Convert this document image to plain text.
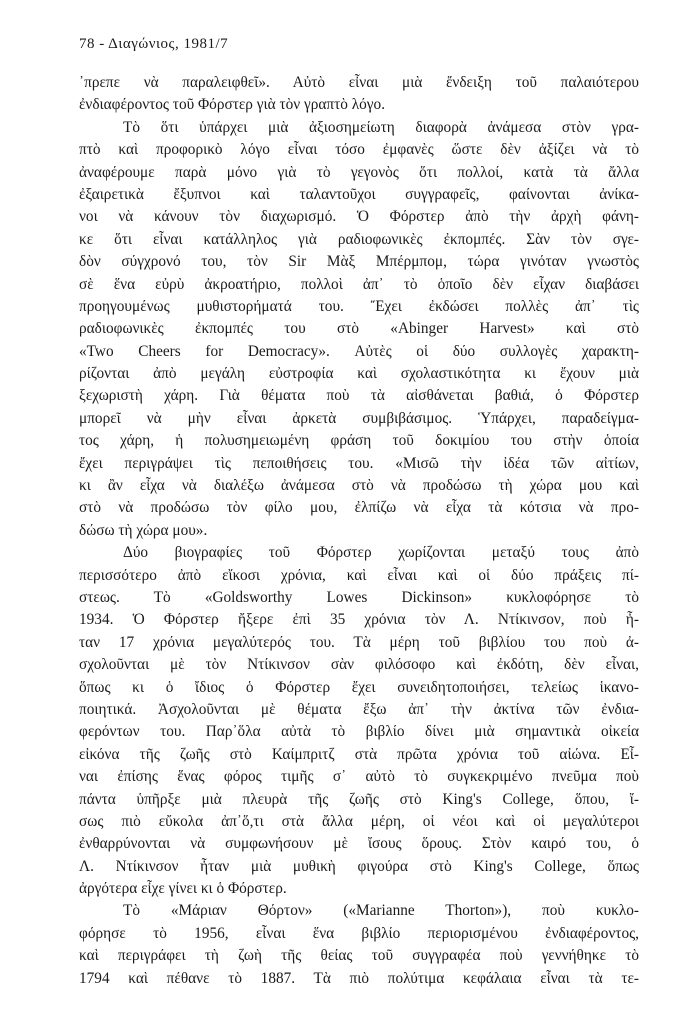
78 - Διαγώνιος, 1981/7
᾿πρεπε νὰ παραλειφθεῖ». Αὐτὸ εἶναι μιὰ ἔνδειξη τοῦ παλαιότερου
ἐνδιαφέροντος τοῦ Φόρστερ γιὰ τὸν γραπτὸ λόγο.
Τὸ ὅτι ὑπάρχει μιὰ ἀξιοσημείωτη διαφορὰ ἀνάμεσα στὸν γρα-
πτὸ καὶ προφορικὸ λόγο εἶναι τόσο ἐμφανὲς ὥστε δὲν ἀξίζει νὰ τὸ
ἀναφέρουμε παρὰ μόνο γιὰ τὸ γεγονὸς ὅτι πολλοί, κατὰ τὰ ἄλλα
ἐξαιρετικὰ ἔξυπνοι καὶ ταλαντοῦχοι συγγραφεῖς, φαίνονται ἀνίκα-
νοι νὰ κάνουν τὸν διαχωρισμό. Ὁ Φόρστερ ἀπὸ τὴν ἀρχὴ φάνη-
κε ὅτι εἶναι κατάλληλος γιὰ ραδιοφωνικὲς ἐκπομπές. Σὰν τὸν σγε-
δὸν σύγχρονό του, τὸν Sir Μὰξ Μπέρμπομ, τώρα γινόταν γνωστὸς
σὲ ἕνα εὐρὺ ἀκροατήριο, πολλοὶ ἀπ᾿ τὸ ὁποῖο δὲν εἶχαν διαβάσει
προηγουμένως μυθιστορήματά του. Ἔχει ἐκδώσει πολλὲς ἀπ᾿ τὶς
ραδιοφωνικὲς ἐκπομπές του στὸ «Abinger Harvest» καὶ στὸ
«Two Cheers for Democracy». Αὐτὲς οἱ δύο συλλογὲς χαρακτη-
ρίζονται ἀπὸ μεγάλη εὐστροφία καὶ σχολαστικότητα κι ἔχουν μιὰ
ξεχωριστὴ χάρη. Γιὰ θέματα ποὺ τὰ αἰσθάνεται βαθιά, ὁ Φόρστερ
μπορεῖ νὰ μὴν εἶναι ἀρκετὰ συμβιβάσιμος. Ὑπάρχει, παραδείγμα-
τος χάρη, ἡ πολυσημειωμένη φράση τοῦ δοκιμίου του στὴν ὁποία
ἔχει περιγράψει τὶς πεποιθήσεις του. «Μισῶ τὴν ἰδέα τῶν αἰτίων,
κι ἂν εἶχα νὰ διαλέξω ἀνάμεσα στὸ νὰ προδώσω τὴ χώρα μου καὶ
στὸ νὰ προδώσω τὸν φίλο μου, ἐλπίζω νὰ εἶχα τὰ κότσια νὰ προ-
δώσω τὴ χώρα μου».
Δύο βιογραφίες τοῦ Φόρστερ χωρίζονται μεταξύ τους ἀπὸ
περισσότερο ἀπὸ εἴκοσι χρόνια, καὶ εἶναι καὶ οἱ δύο πράξεις πί-
στεως. Τὸ «Goldsworthy Lowes Dickinson» κυκλοφόρησε τὸ
1934. Ὁ Φόρστερ ἤξερε ἐπὶ 35 χρόνια τὸν Λ. Ντίκινσον, ποὺ ἦ-
ταν 17 χρόνια μεγαλύτερός του. Τὰ μέρη τοῦ βιβλίου του ποὺ ἀ-
σχολοῦνται μὲ τὸν Ντίκινσον σὰν φιλόσοφο καὶ ἐκδότη, δὲν εἶναι,
ὅπως κι ὁ ἴδιος ὁ Φόρστερ ἔχει συνειδητοποιήσει, τελείως ἱκανο-
ποιητικά. Ἀσχολοῦνται μὲ θέματα ἔξω ἀπ᾿ τὴν ἀκτίνα τῶν ἐνδια-
φερόντων του. Παρ᾿ὅλα αὐτὰ τὸ βιβλίο δίνει μιὰ σημαντικὰ οἰκεία
εἰκόνα τῆς ζωῆς στὸ Καίμπριτζ στὰ πρῶτα χρόνια τοῦ αἰώνα. Εἶ-
ναι ἐπίσης ἕνας φόρος τιμῆς σ᾿ αὐτὸ τὸ συγκεκριμένο πνεῦμα ποὺ
πάντα ὑπῆρξε μιὰ πλευρὰ τῆς ζωῆς στὸ King's College, ὅπου, ἴ-
σως πιὸ εὔκολα ἀπ᾿ὅ,τι στὰ ἄλλα μέρη, οἱ νέοι καὶ οἱ μεγαλύτεροι
ἐνθαρρύνονται νὰ συμφωνήσουν μὲ ἴσους ὅρους. Στὸν καιρό του, ὁ
Λ. Ντίκινσον ἦταν μιὰ μυθικὴ φιγούρα στὸ King's College, ὅπως
ἀργότερα εἶχε γίνει κι ὁ Φόρστερ.
Τὸ «Μάριαν Θόρτον» («Marianne Thorton»), ποὺ κυκλο-
φόρησε τὸ 1956, εἶναι ἕνα βιβλίο περιορισμένου ἐνδιαφέροντος,
καὶ περιγράφει τὴ ζωὴ τῆς θείας τοῦ συγγραφέα ποὺ γεννήθηκε τὸ
1794 καὶ πέθανε τὸ 1887. Τὰ πιὸ πολύτιμα κεφάλαια εἶναι τὰ τε-
